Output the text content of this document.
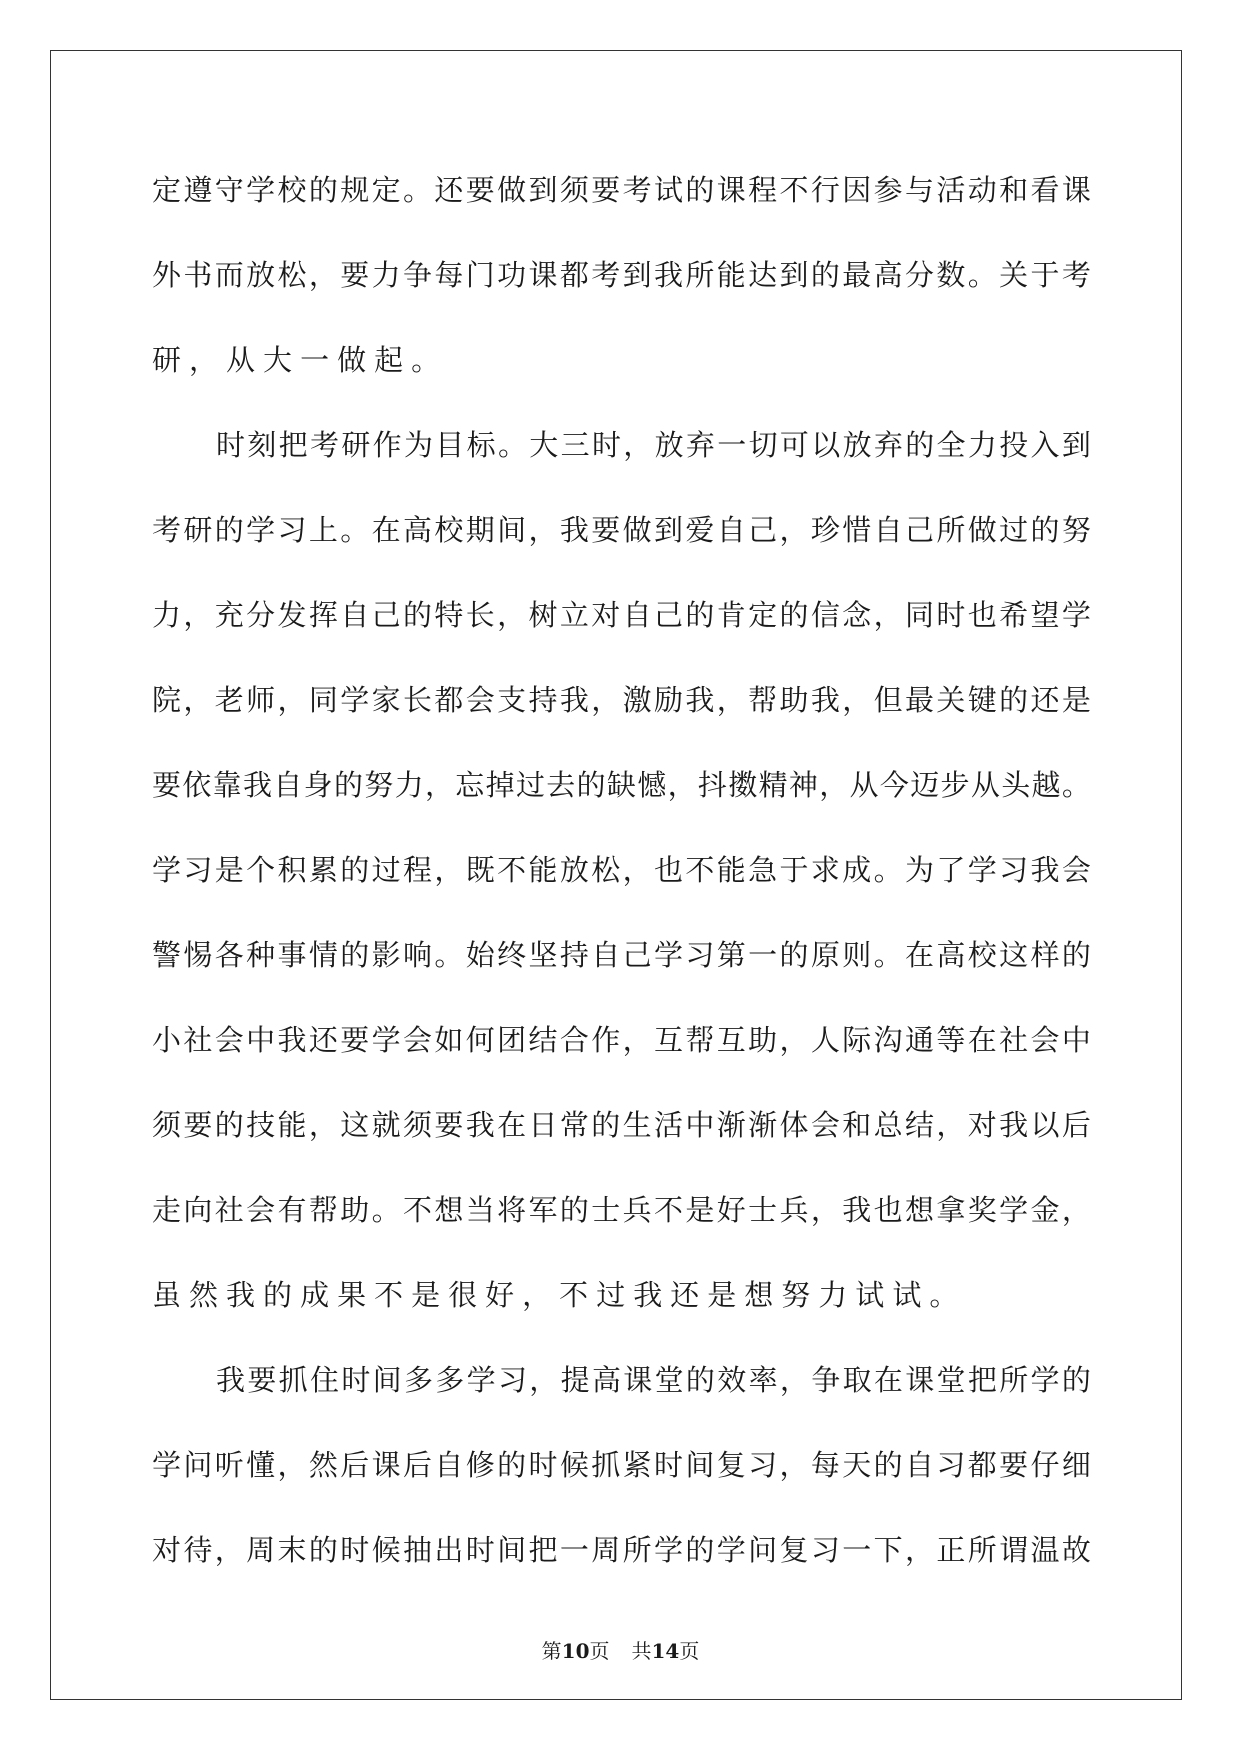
定 遵 守 学 校 的 规 定 。 还 要 做 到 须 要 考 试 的 课 程 不 行 因 参 与 活 动 和 看 课
外 书 而 放 松 ， 要 力 争 每 门 功 课 都 考 到 我 所 能 达 到 的 最 高 分 数 。 关 于 考
研 ， 从 大 一 做 起 。
时 刻 把 考 研 作 为 目 标 。 大 三 时 ， 放 弃 一 切 可 以 放 弃 的 全 力 投 入 到
考 研 的 学 习 上 。 在 高 校 期 间 ， 我 要 做 到 爱 自 己 ， 珍 惜 自 己 所 做 过 的 努
力 ， 充 分 发 挥 自 己 的 特 长 ， 树 立 对 自 己 的 肯 定 的 信 念 ， 同 时 也 希 望 学
院 ， 老 师 ， 同 学 家 长 都 会 支 持 我 ， 激 励 我 ， 帮 助 我 ， 但 最 关 键 的 还 是
要 依 靠 我 自 身 的 努 力 ， 忘 掉 过 去 的 缺 憾 ， 抖 擞 精 神 ， 从 今 迈 步 从 头 越 。
学 习 是 个 积 累 的 过 程 ， 既 不 能 放 松 ， 也 不 能 急 于 求 成 。 为 了 学 习 我 会
警 惕 各 种 事 情 的 影 响 。 始 终 坚 持 自 己 学 习 第 一 的 原 则 。 在 高 校 这 样 的
小 社 会 中 我 还 要 学 会 如 何 团 结 合 作 ， 互 帮 互 助 ， 人 际 沟 通 等 在 社 会 中
须 要 的 技 能 ， 这 就 须 要 我 在 日 常 的 生 活 中 渐 渐 体 会 和 总 结 ， 对 我 以 后
走 向 社 会 有 帮 助 。 不 想 当 将 军 的 士 兵 不 是 好 士 兵 ， 我 也 想 拿 奖 学 金 ，
虽 然 我 的 成 果 不 是 很 好 ， 不 过 我 还 是 想 努 力 试 试 。
我 要 抓 住 时 间 多 多 学 习 ， 提 高 课 堂 的 效 率 ， 争 取 在 课 堂 把 所 学 的
学 问 听 懂 ， 然 后 课 后 自 修 的 时 候 抓 紧 时 间 复 习 ， 每 天 的 自 习 都 要 仔 细
对 待 ， 周 末 的 时 候 抽 出 时 间 把 一 周 所 学 的 学 问 复 习 一 下 ， 正 所 谓 温 故
第10页 共14页
